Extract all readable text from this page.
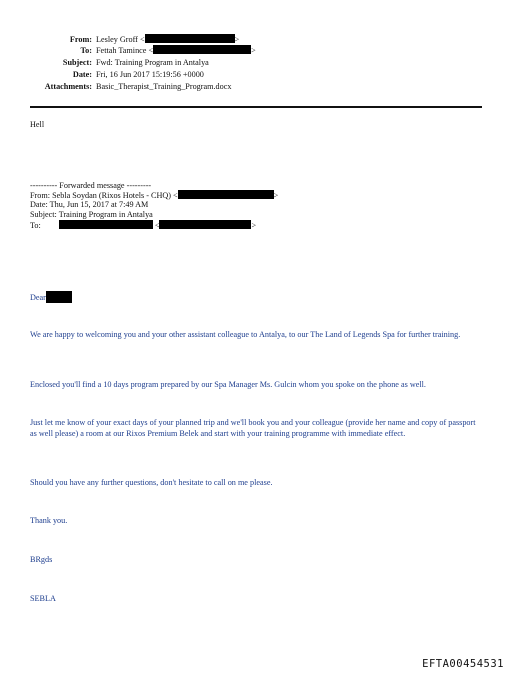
From: Lesley Groff <	>
To: Fettah Tamince <	>
Subject: Fwd: Training Program in Antalya
Date: Fri, 16 Jun 2017 15:19:56 +0000
Attachments: Basic_Therapist_Training_Program.docx
Hell
---------- Forwarded message ---------
From: Sebla Soydan (Rixos Hotels - CHQ) <	>
Date: Thu, Jun 15, 2017 at 7:49 AM
Subject: Training Program in Antalya
To:	<	>
Dear
We are happy to welcoming you and your other assistant colleague to Antalya, to our The Land of Legends Spa for further training.
Enclosed you'll find a 10 days program prepared by our Spa Manager Ms. Gulcin whom you spoke on the phone as well.
Just let me know of your exact days of your planned trip and we'll book you and your colleague (provide her name and copy of passport as well please) a room at our Rixos Premium Belek and start with your training programme with immediate effect.
Should you have any further questions, don't hesitate to call on me please.
Thank you.
BRgds
SEBLA
EFTA00454531
